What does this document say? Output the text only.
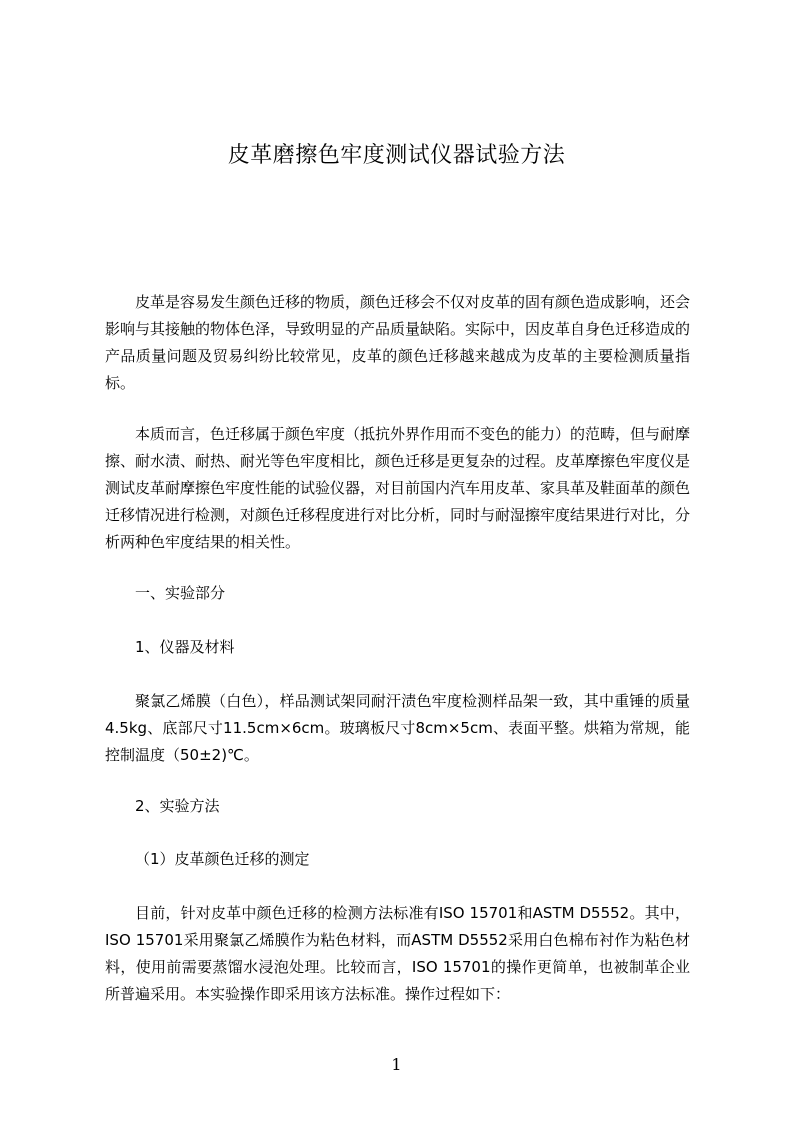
皮革磨擦色牢度测试仪器试验方法

皮革是容易发生颜色迁移的物质，颜色迁移会不仅对皮革的固有颜色造成影响，还会影响与其接触的物体色泽，导致明显的产品质量缺陷。实际中，因皮革自身色迁移造成的产品质量问题及贸易纠纷比较常见，皮革的颜色迁移越来越成为皮革的主要检测质量指标。

本质而言，色迁移属于颜色牢度（抵抗外界作用而不变色的能力）的范畴，但与耐摩擦、耐水渍、耐热、耐光等色牢度相比，颜色迁移是更复杂的过程。皮革摩擦色牢度仪是测试皮革耐摩擦色牢度性能的试验仪器，对目前国内汽车用皮革、家具革及鞋面革的颜色迁移情况进行检测，对颜色迁移程度进行对比分析，同时与耐湿擦牢度结果进行对比，分析两种色牢度结果的相关性。

一、实验部分
1、仪器及材料

聚氯乙烯膜（白色），样品测试架同耐汗渍色牢度检测样品架一致，其中重锤的质量4.5kg、底部尺寸11.5cm×6cm。玻璃板尺寸8cm×5cm、表面平整。烘箱为常规，能控制温度（50±2)℃。

2、实验方法
（1）皮革颜色迁移的测定

目前，针对皮革中颜色迁移的检测方法标准有ISO 15701和ASTM D5552。其中，ISO 15701采用聚氯乙烯膜作为粘色材料，而ASTM D5552采用白色棉布衬作为粘色材料，使用前需要蒸馏水浸泡处理。比较而言，ISO 15701的操作更简单，也被制革企业所普遍采用。本实验操作即采用该方法标准。操作过程如下：

1
